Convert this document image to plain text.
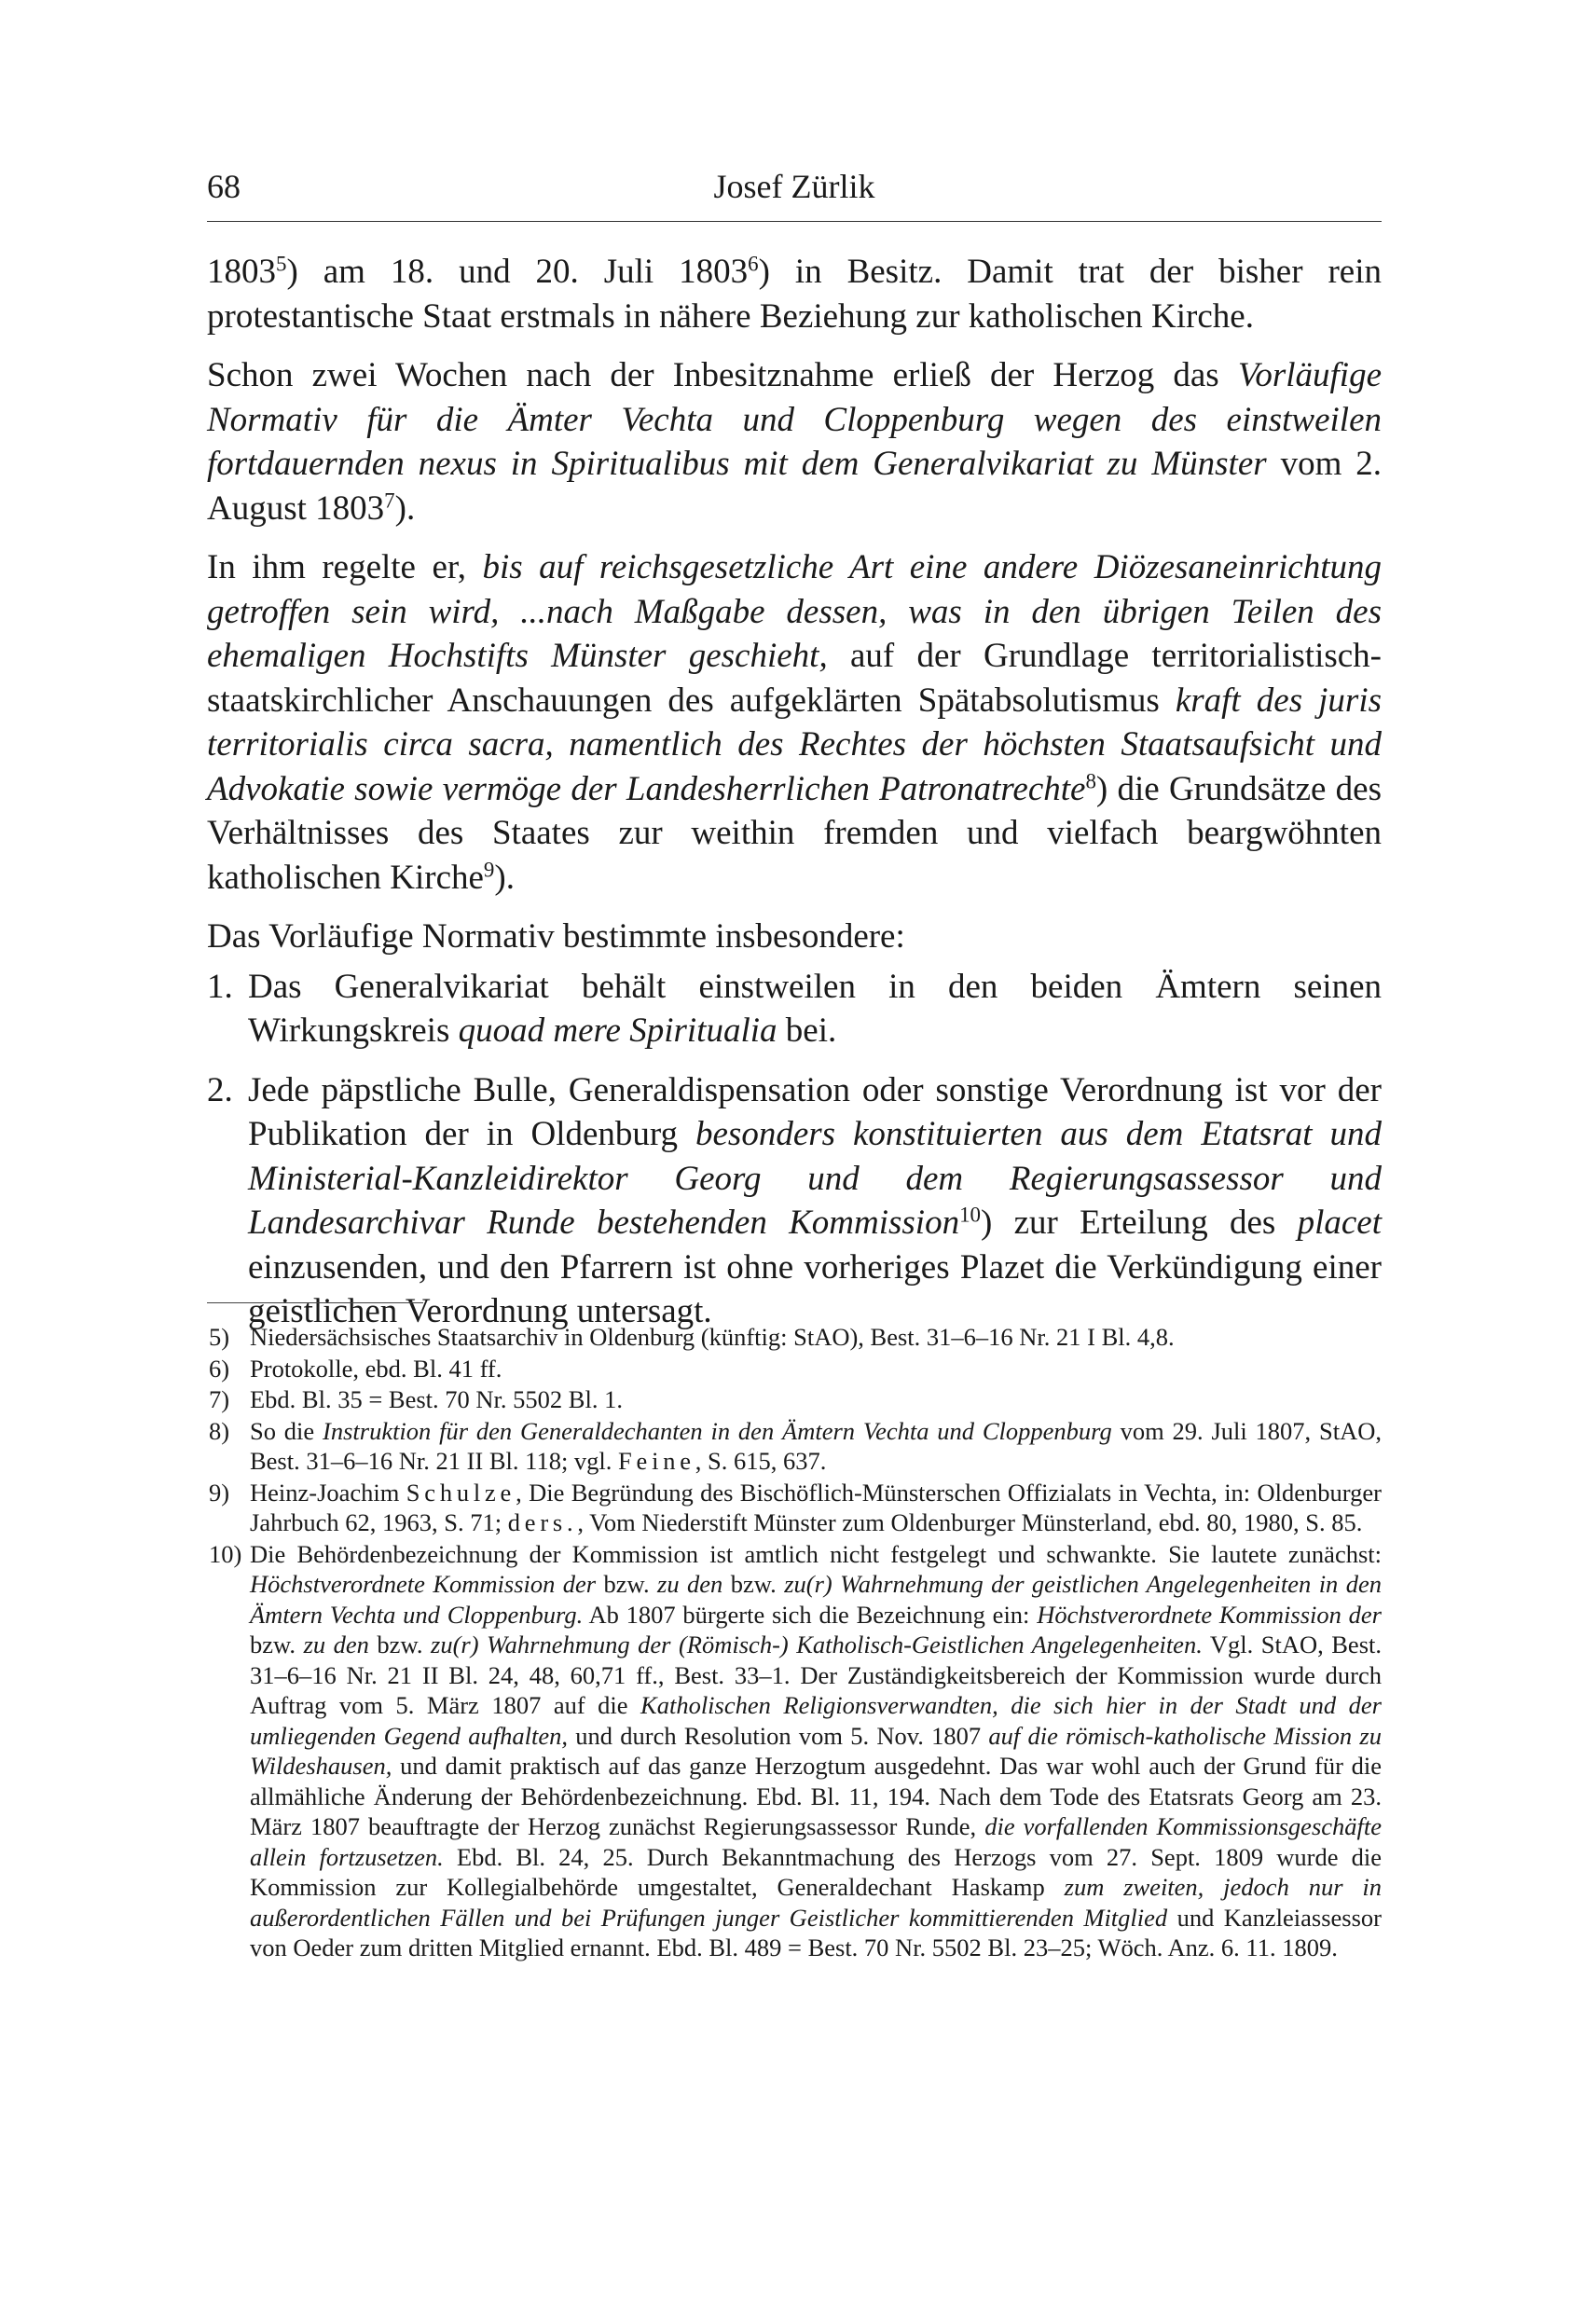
68	Josef Zürlik

1803$^5$) am 18. und 20. Juli 1803$^6$) in Besitz. Damit trat der bisher rein protestantische Staat erstmals in nähere Beziehung zur katholischen Kirche.

Schon zwei Wochen nach der Inbesitznahme erließ der Herzog das Vorläufige Normativ für die Ämter Vechta und Cloppenburg wegen des einstweilen fortdauernden nexus in Spiritualibus mit dem Generalvikariat zu Münster vom 2. August 1803$^7$).

In ihm regelte er, bis auf reichsgesetzliche Art eine andere Diözesaneinrichtung getroffen sein wird, ...nach Maßgabe dessen, was in den übrigen Teilen des ehemaligen Hochstifts Münster geschieht, auf der Grundlage territorialistisch-staatskirchlicher Anschauungen des aufgeklärten Spätabsolutismus kraft des juris territorialis circa sacra, namentlich des Rechtes der höchsten Staatsaufsicht und Advokatie sowie vermöge der Landesherrlichen Patronatrechte$^8$) die Grundsätze des Verhältnisses des Staates zur weithin fremden und vielfach beargwöhnten katholischen Kirche$^9$).

Das Vorläufige Normativ bestimmte insbesondere:

1. Das Generalvikariat behält einstweilen in den beiden Ämtern seinen Wirkungskreis quoad mere Spiritualia bei.
2. Jede päpstliche Bulle, Generaldispensation oder sonstige Verordnung ist vor der Publikation der in Oldenburg besonders konstituierten aus dem Etatsrat und Ministerial-Kanzleidirektor Georg und dem Regierungsassessor und Landesarchivar Runde bestehenden Kommission$^{10}$) zur Erteilung des placet einzusenden, und den Pfarrern ist ohne vorheriges Plazet die Verkündigung einer geistlichen Verordnung untersagt.
5) Niedersächsisches Staatsarchiv in Oldenburg (künftig: StAO), Best. 31–6–16 Nr. 21 I Bl. 4,8.
6) Protokolle, ebd. Bl. 41 ff.
7) Ebd. Bl. 35 = Best. 70 Nr. 5502 Bl. 1.
8) So die Instruktion für den Generaldechanten in den Ämtern Vechta und Cloppenburg vom 29. Juli 1807, StAO, Best. 31–6–16 Nr. 21 II Bl. 118; vgl. Feine, S. 615, 637.
9) Heinz-Joachim Schulze, Die Begründung des Bischöflich-Münsterschen Offizialats in Vechta, in: Oldenburger Jahrbuch 62, 1963, S. 71; ders., Vom Niederstift Münster zum Oldenburger Münsterland, ebd. 80, 1980, S. 85.
10) Die Behördenbezeichnung der Kommission ist amtlich nicht festgelegt und schwankte. Sie lautete zunächst: Höchstverordnete Kommission der bzw. zu den bzw. zu(r) Wahrnehmung der geistlichen Angelegenheiten in den Ämtern Vechta und Cloppenburg. Ab 1807 bürgerte sich die Bezeichnung ein: Höchstverordnete Kommission der bzw. zu den bzw. zu(r) Wahrnehmung der (Römisch-) Katholisch-Geistlichen Angelegenheiten. Vgl. StAO, Best. 31–6–16 Nr. 21 II Bl. 24, 48, 60,71 ff., Best. 33–1. Der Zuständigkeitsbereich der Kommission wurde durch Auftrag vom 5. März 1807 auf die Katholischen Religionsverwandten, die sich hier in der Stadt und der umliegenden Gegend aufhalten, und durch Resolution vom 5. Nov. 1807 auf die römisch-katholische Mission zu Wildeshausen, und damit praktisch auf das ganze Herzogtum ausgedehnt. Das war wohl auch der Grund für die allmähliche Änderung der Behördenbezeichnung. Ebd. Bl. 11, 194. Nach dem Tode des Etatsrats Georg am 23. März 1807 beauftragte der Herzog zunächst Regierungsassessor Runde, die vorfallenden Kommissionsgeschäfte allein fortzusetzen. Ebd. Bl. 24, 25. Durch Bekanntmachung des Herzogs vom 27. Sept. 1809 wurde die Kommission zur Kollegialbehörde umgestaltet, Generaldechant Haskamp zum zweiten, jedoch nur in außerordentlichen Fällen und bei Prüfungen junger Geistlicher kommittierenden Mitglied und Kanzleiassessor von Oeder zum dritten Mitglied ernannt. Ebd. Bl. 489 = Best. 70 Nr. 5502 Bl. 23–25; Wöch. Anz. 6. 11. 1809.
